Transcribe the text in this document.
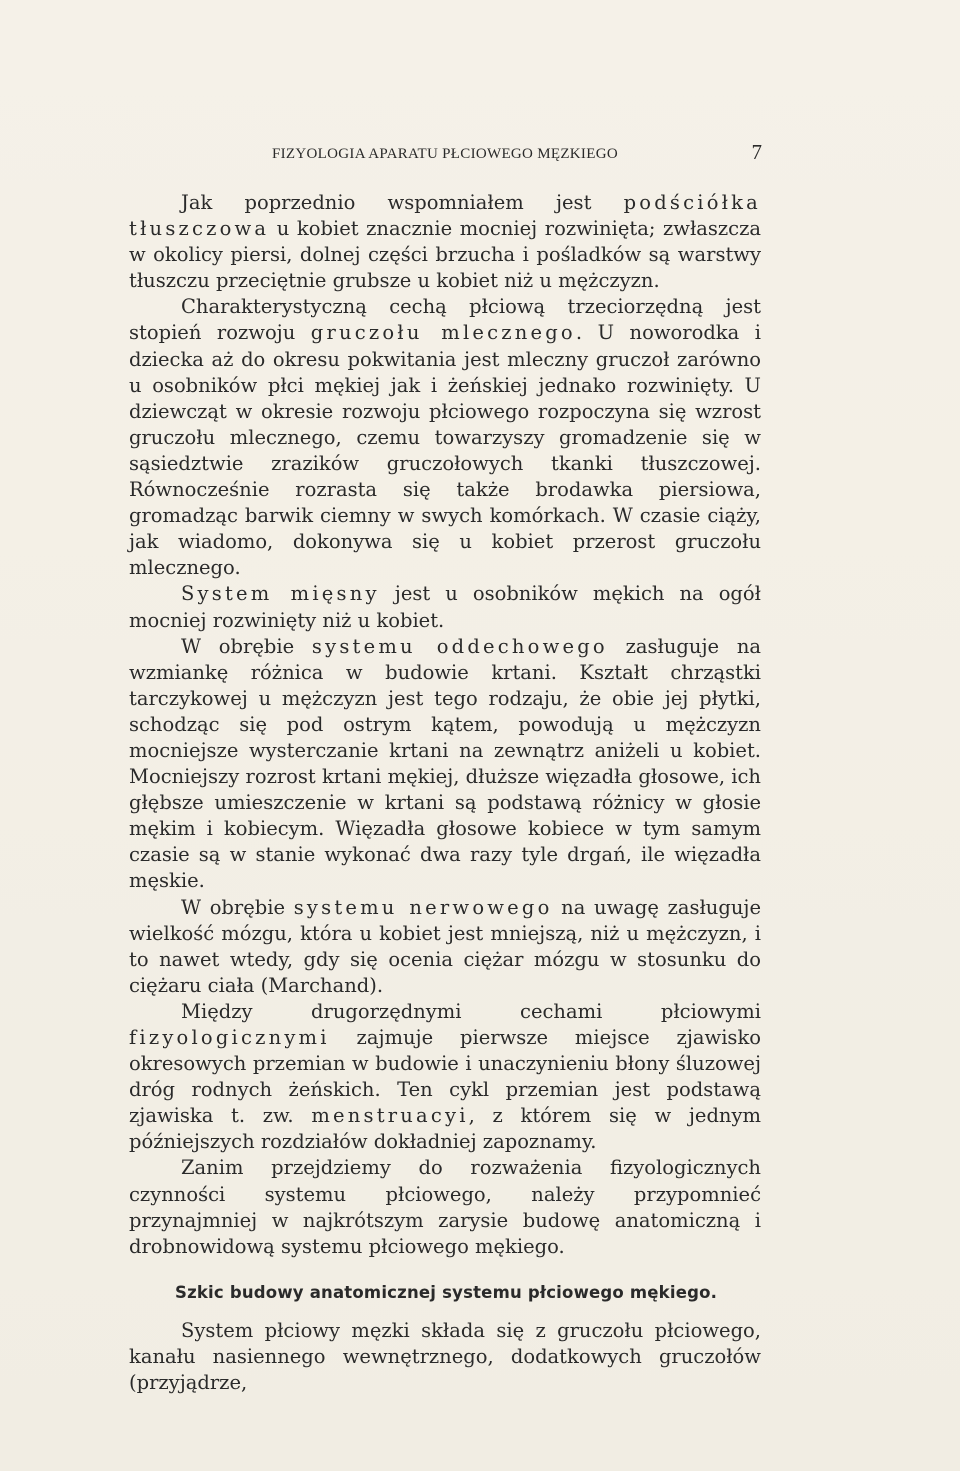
FIZYOLOGIA APARATU PŁCIOWEGO MĘZKIEGO	7

Jak poprzednio wspomniałem jest podściółka tłuszczowa u kobiet znacznie mocniej rozwinięta; zwłaszcza w okolicy piersi, dolnej części brzucha i pośladków są warstwy tłuszczu przeciętnie grubsze u kobiet niż u mężczyzn.

Charakterystyczną cechą płciową trzeciorzędną jest stopień rozwoju gruczołu mlecznego. U noworodka i dziecka aż do okresu pokwitania jest mleczny gruczoł zarówno u osobników płci mękiej jak i żeńskiej jednako rozwinięty. U dziewcząt w okresie rozwoju płciowego rozpoczyna się wzrost gruczołu mlecznego, czemu towarzyszy gromadzenie się w sąsiedztwie zrazików gruczołowych tkanki tłuszczowej. Równocześnie rozrasta się także brodawka piersiowa, gromadząc barwik ciemny w swych komórkach. W czasie ciąży, jak wiadomo, dokonywa się u kobiet przerost gruczołu mlecznego.

System mięsny jest u osobników mękich na ogół mocniej rozwinięty niż u kobiet.

W obrębie systemu oddechowego zasługuje na wzmiankę różnica w budowie krtani. Kształt chrząstki tarczykowej u mężczyzn jest tego rodzaju, że obie jej płytki, schodząc się pod ostrym kątem, powodują u mężczyzn mocniejsze wysterczanie krtani na zewnątrz aniżeli u kobiet. Mocniejszy rozrost krtani mękiej, dłuższe więzadła głosowe, ich głębsze umieszczenie w krtani są podstawą różnicy w głosie mękim i kobiecym. Więzadła głosowe kobiece w tym samym czasie są w stanie wykonać dwa razy tyle drgań, ile więzadła męskie.

W obrębie systemu nerwowego na uwagę zasługuje wielkość mózgu, która u kobiet jest mniejszą, niż u mężczyzn, i to nawet wtedy, gdy się ocenia ciężar mózgu w stosunku do ciężaru ciała (Marchand).

Między drugorzędnymi cechami płciowymi fizyologicznymi zajmuje pierwsze miejsce zjawisko okresowych przemian w budowie i unaczynieniu błony śluzowej dróg rodnych żeńskich. Ten cykl przemian jest podstawą zjawiska t. zw. menstruacyi, z którem się w jednym późniejszych rozdziałów dokładniej zapoznamy.

Zanim przejdziemy do rozważenia fizyologicznych czynności systemu płciowego, należy przypomnieć przynajmniej w najkrótszym zarysie budowę anatomiczną i drobnowidową systemu płciowego mękiego.

Szkic budowy anatomicznej systemu płciowego mękiego.

System płciowy męzki składa się z gruczołu płciowego, kanału nasiennego wewnętrznego, dodatkowych gruczołów (przyjądrze,
